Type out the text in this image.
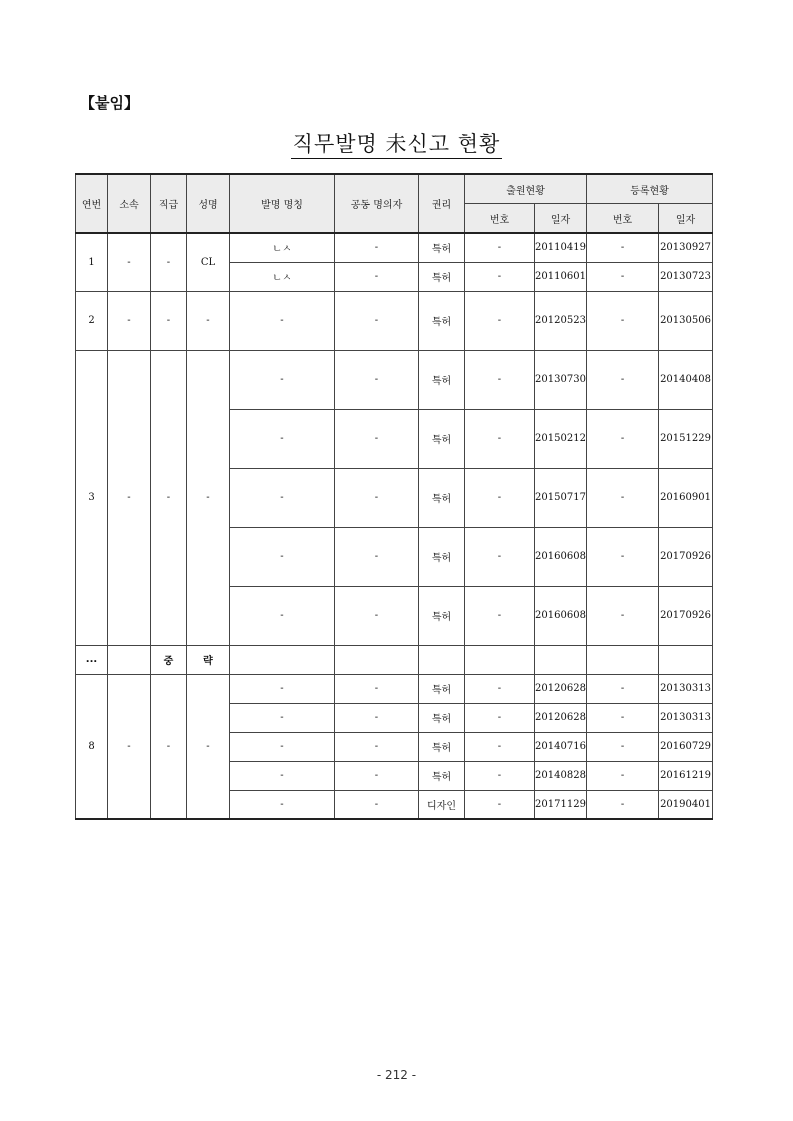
【붙임】
직무발명 未신고 현황
연번	소속	직급	성명	발명 명칭	공동 명의자	권리	출원현황		등록현황	
							번호	일자	번호	일자
1	-	-	CL	ㄴㅅ	-	특허	-	20110419	-	20130927
				ㄴㅅ	-	특허	-	20110601	-	20130723
2	-	-	-	-	-	특허	-	20120523	-	20130506
3	-	-	-	-	-	특허	-	20130730	-	20140408
				-	-	특허	-	20150212	-	20151229
				-	-	특허	-	20150717	-	20160901
				-	-	특허	-	20160608	-	20170926
				-	-	특허	-	20160608	-	20170926
...		중	략							
8	-	-	-	-	-	특허	-	20120628	-	20130313
				-	-	특허	-	20120628	-	20130313
				-	-	특허	-	20140716	-	20160729
				-	-	특허	-	20140828	-	20161219
				-	-	디자인	-	20171129	-	20190401
- 212 -
